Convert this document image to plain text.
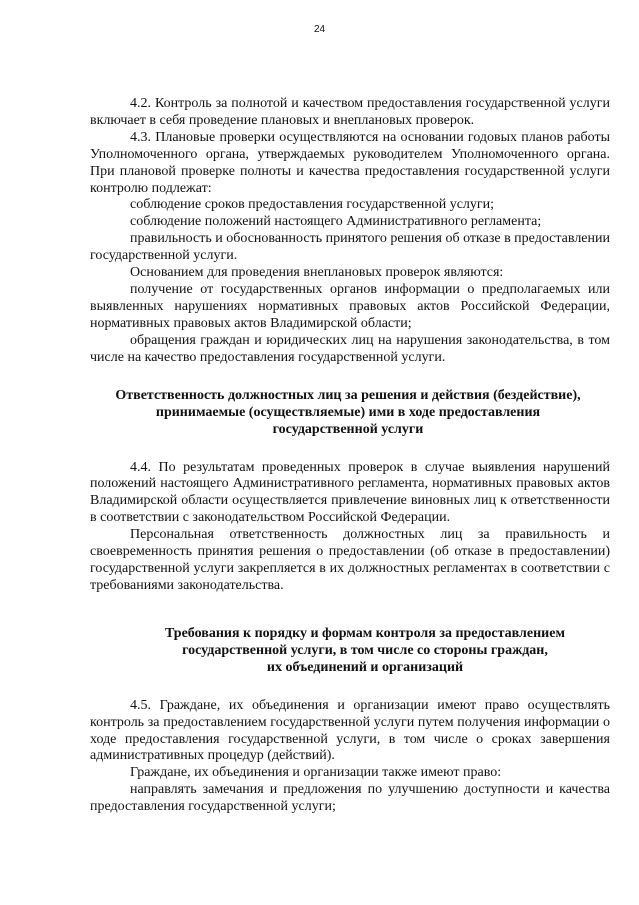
24

4.2. Контроль за полнотой и качеством предоставления государственной услуги включает в себя проведение плановых и внеплановых проверок.

4.3. Плановые проверки осуществляются на основании годовых планов работы Уполномоченного органа, утверждаемых руководителем Уполномоченного органа. При плановой проверке полноты и качества предоставления государственной услуги контролю подлежат:

соблюдение сроков предоставления государственной услуги;

соблюдение положений настоящего Административного регламента;

правильность и обоснованность принятого решения об отказе в предоставлении государственной услуги.

Основанием для проведения внеплановых проверок являются:

получение от государственных органов информации о предполагаемых или выявленных нарушениях нормативных правовых актов Российской Федерации, нормативных правовых актов Владимирской области;

обращения граждан и юридических лиц на нарушения законодательства, в том числе на качество предоставления государственной услуги.

Ответственность должностных лиц за решения и действия (бездействие),
принимаемые (осуществляемые) ими в ходе предоставления
государственной услуги

4.4. По результатам проведенных проверок в случае выявления нарушений положений настоящего Административного регламента, нормативных правовых актов Владимирской области осуществляется привлечение виновных лиц к ответственности в соответствии с законодательством Российской Федерации.

Персональная ответственность должностных лиц за правильность и своевременность принятия решения о предоставлении (об отказе в предоставлении) государственной услуги закрепляется в их должностных регламентах в соответствии с требованиями законодательства.

Требования к порядку и формам контроля за предоставлением
государственной услуги, в том числе со стороны граждан,
их объединений и организаций

4.5. Граждане, их объединения и организации имеют право осуществлять контроль за предоставлением государственной услуги путем получения информации о ходе предоставления государственной услуги, в том числе о сроках завершения административных процедур (действий).

Граждане, их объединения и организации также имеют право:

направлять замечания и предложения по улучшению доступности и качества предоставления государственной услуги;
